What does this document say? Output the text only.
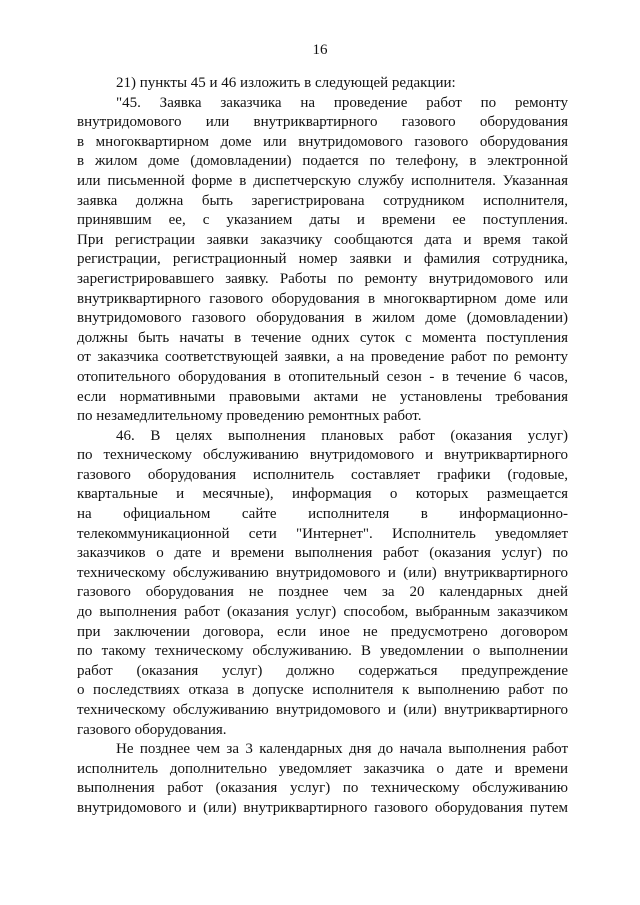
16
21) пункты 45 и 46 изложить в следующей редакции:
"45. Заявка заказчика на проведение работ по ремонту
внутридомового или внутриквартирного газового оборудования
в многоквартирном доме или внутридомового газового оборудования
в жилом доме (домовладении) подается по телефону, в электронной
или письменной форме в диспетчерскую службу исполнителя. Указанная
заявка должна быть зарегистрирована сотрудником исполнителя,
принявшим ее, с указанием даты и времени ее поступления.
При регистрации заявки заказчику сообщаются дата и время такой
регистрации, регистрационный номер заявки и фамилия сотрудника,
зарегистрировавшего заявку. Работы по ремонту внутридомового или
внутриквартирного газового оборудования в многоквартирном доме или
внутридомового газового оборудования в жилом доме (домовладении)
должны быть начаты в течение одних суток с момента поступления
от заказчика соответствующей заявки, а на проведение работ по ремонту
отопительного оборудования в отопительный сезон - в течение 6 часов,
если нормативными правовыми актами не установлены требования
по незамедлительному проведению ремонтных работ.
46. В целях выполнения плановых работ (оказания услуг)
по техническому обслуживанию внутридомового и внутриквартирного
газового оборудования исполнитель составляет графики (годовые,
квартальные и месячные), информация о которых размещается
на официальном сайте исполнителя в информационно-
телекоммуникационной сети "Интернет". Исполнитель уведомляет
заказчиков о дате и времени выполнения работ (оказания услуг) по
техническому обслуживанию внутридомового и (или) внутриквартирного
газового оборудования не позднее чем за 20 календарных дней
до выполнения работ (оказания услуг) способом, выбранным заказчиком
при заключении договора, если иное не предусмотрено договором
по такому техническому обслуживанию. В уведомлении о выполнении
работ (оказания услуг) должно содержаться предупреждение
о последствиях отказа в допуске исполнителя к выполнению работ по
техническому обслуживанию внутридомового и (или) внутриквартирного
газового оборудования.
Не позднее чем за 3 календарных дня до начала выполнения работ
исполнитель дополнительно уведомляет заказчика о дате и времени
выполнения работ (оказания услуг) по техническому обслуживанию
внутридомового и (или) внутриквартирного газового оборудования путем
